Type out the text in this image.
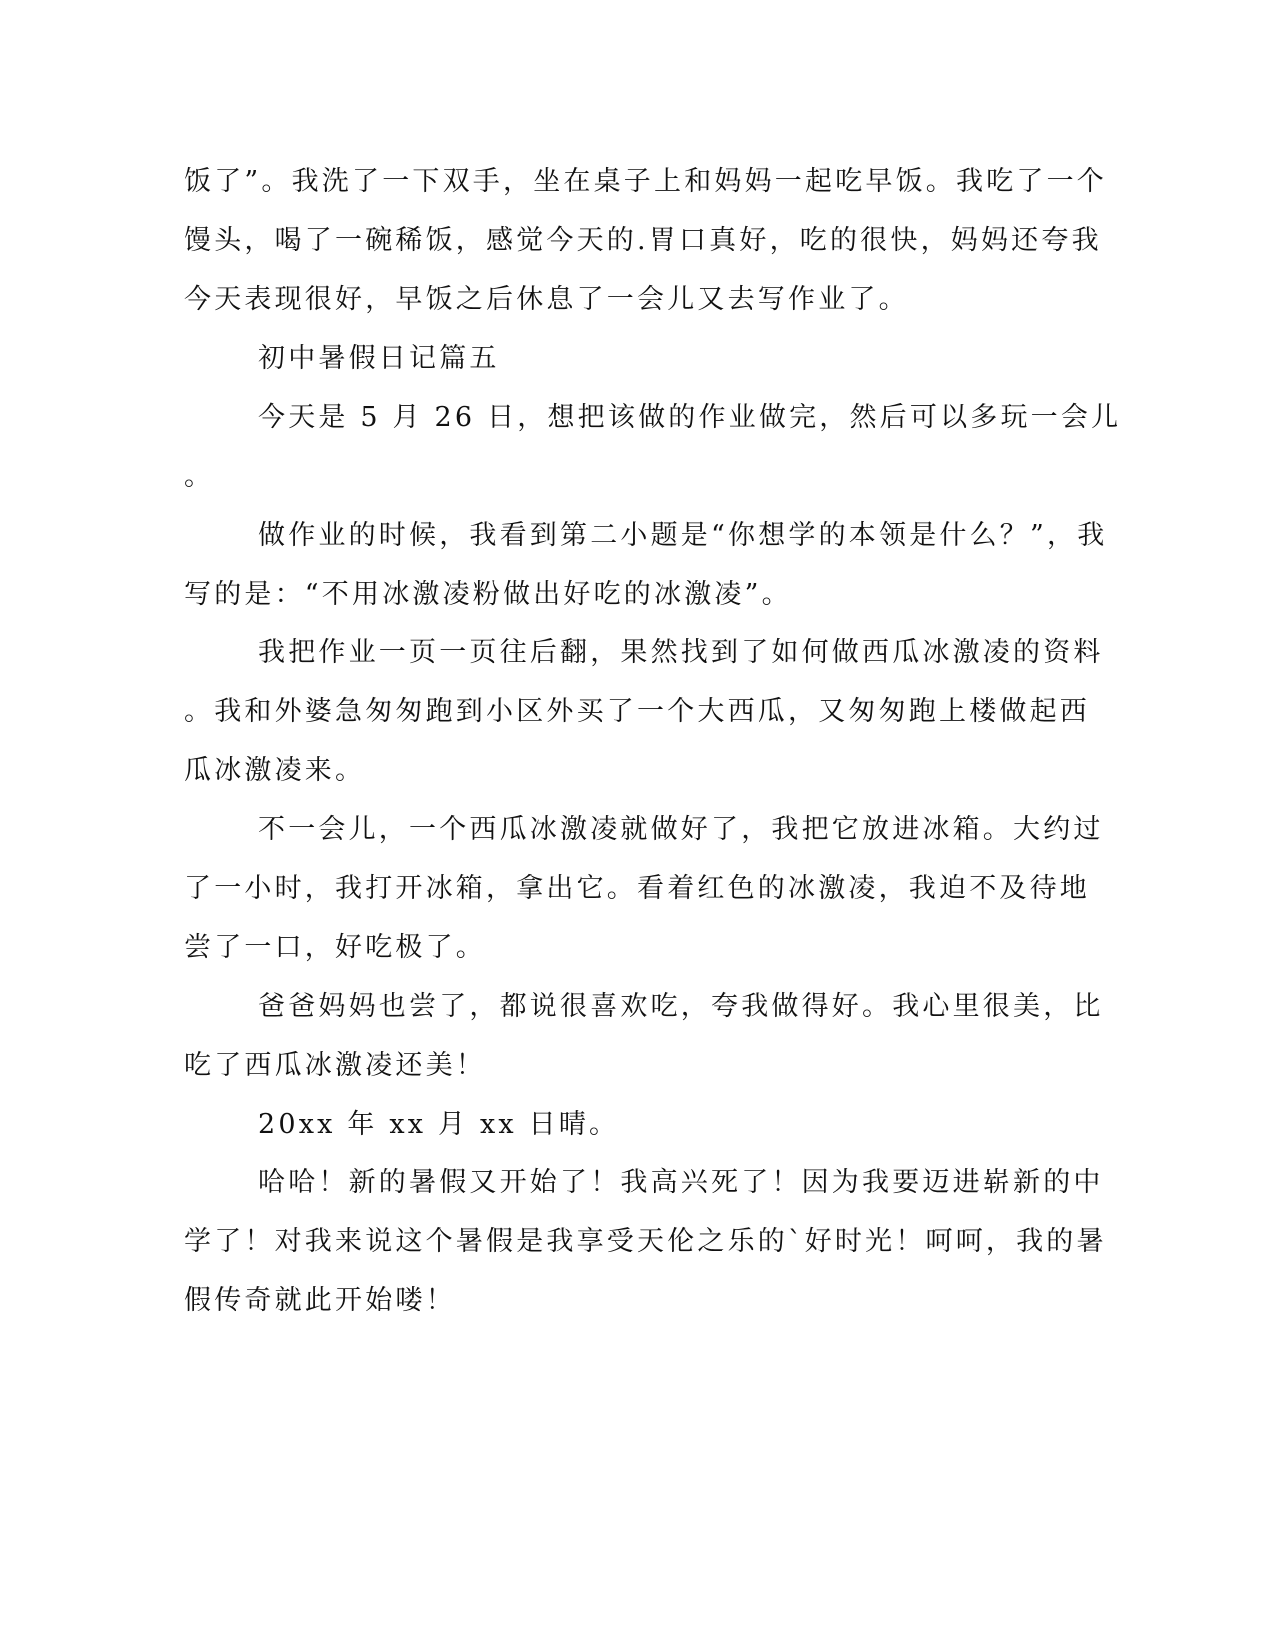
饭了”。我洗了一下双手，坐在桌子上和妈妈一起吃早饭。我吃了一个
馒头，喝了一碗稀饭，感觉今天的.胃口真好，吃的很快，妈妈还夸我
今天表现很好，早饭之后休息了一会儿又去写作业了。
初中暑假日记篇五
今天是 5 月 26 日，想把该做的作业做完，然后可以多玩一会儿
。
做作业的时候，我看到第二小题是“你想学的本领是什么？”，我
写的是：“不用冰激凌粉做出好吃的冰激凌”。
我把作业一页一页往后翻，果然找到了如何做西瓜冰激凌的资料
。我和外婆急匆匆跑到小区外买了一个大西瓜，又匆匆跑上楼做起西
瓜冰激凌来。
不一会儿，一个西瓜冰激凌就做好了，我把它放进冰箱。大约过
了一小时，我打开冰箱，拿出它。看着红色的冰激凌，我迫不及待地
尝了一口，好吃极了。
爸爸妈妈也尝了，都说很喜欢吃，夸我做得好。我心里很美，比
吃了西瓜冰激凌还美！
20xx 年 xx 月 xx 日晴。
哈哈！新的暑假又开始了！我高兴死了！因为我要迈进崭新的中
学了！对我来说这个暑假是我享受天伦之乐的`好时光！呵呵，我的暑
假传奇就此开始喽！
